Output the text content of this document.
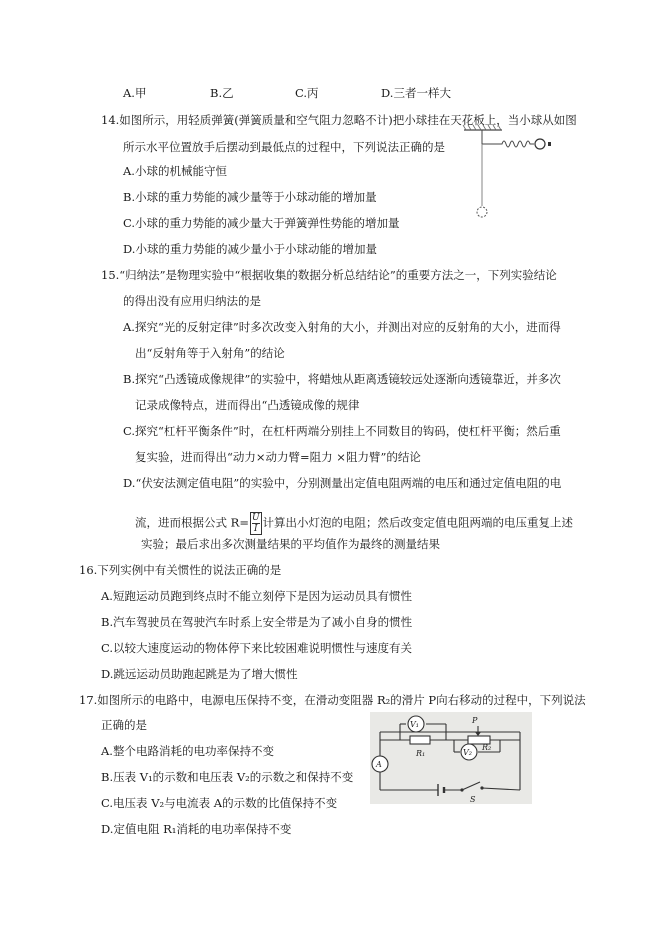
A.甲	B.乙	C.丙	D.三者一样大
14.如图所示，用轻质弹簧(弹簧质量和空气阻力忽略不计)把小球挂在天花板上，当小球从如图
所示水平位置放手后摆动到最低点的过程中，下列说法正确的是
A.小球的机械能守恒
B.小球的重力势能的减少量等于小球动能的增加量
C.小球的重力势能的减少量大于弹簧弹性势能的增加量
D.小球的重力势能的减少量小于小球动能的增加量
15.“归纳法”是物理实验中“根据收集的数据分析总结结论”的重要方法之一，下列实验结论
的得出没有应用归纳法的是
A.探究“光的反射定律”时多次改变入射角的大小，并测出对应的反射角的大小，进而得
出“反射角等于入射角”的结论
B.探究“凸透镜成像规律”的实验中，将蜡烛从距离透镜较远处逐渐向透镜靠近，并多次
记录成像特点，进而得出“凸透镜成像的规律
C.探究“杠杆平衡条件”时，在杠杆两端分别挂上不同数目的钩码，使杠杆平衡；然后重
复实验，进而得出“动力×动力臂=阻力 ×阻力臂”的结论
D.“伏安法测定值电阻”的实验中，分别测量出定值电阻两端的电压和通过定值电阻的电
流，进而根据公式 $R= \frac{U}{I}$ 计算出小灯泡的电阻；然后改变定值电阻两端的电压重复上述
实验；最后求出多次测量结果的平均值作为最终的测量结果
16.下列实例中有关惯性的说法正确的是
A.短跑运动员跑到终点时不能立刻停下是因为运动员具有惯性
B.汽车驾驶员在驾驶汽车时系上安全带是为了减小自身的惯性
C.以较大速度运动的物体停下来比较困难说明惯性与速度有关
D.跳远运动员助跑起跳是为了增大惯性
17.如图所示的电路中，电源电压保持不变，在滑动变阻器 R₂的滑片 P向右移动的过程中，下列说法
正确的是
A.整个电路消耗的电功率保持不变
B.压表 V₁的示数和电压表 V₂的示数之和保持不变
C.电压表 V₂与电流表 A的示数的比值保持不变
D.定值电阻 R₁消耗的电功率保持不变
V₁
V₂
A
R₁
R₂
P
S
